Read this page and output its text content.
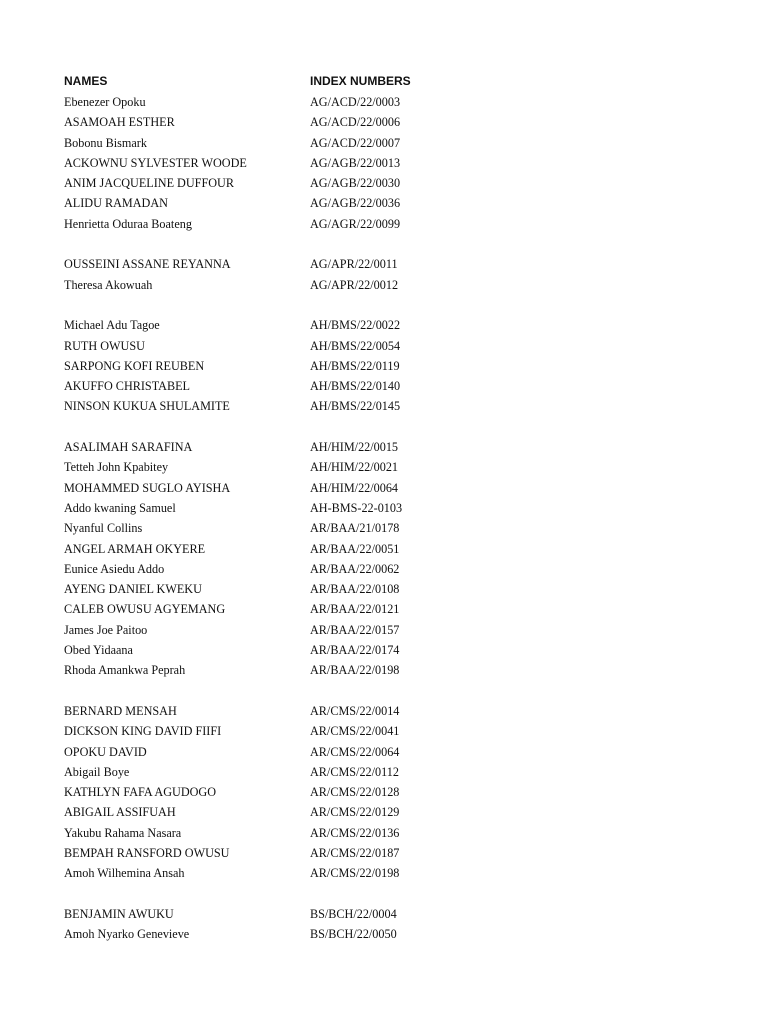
NAMES	INDEX NUMBERS
Ebenezer Opoku	AG/ACD/22/0003
ASAMOAH ESTHER	AG/ACD/22/0006
Bobonu Bismark	AG/ACD/22/0007
ACKOWNU SYLVESTER WOODE	AG/AGB/22/0013
ANIM JACQUELINE DUFFOUR	AG/AGB/22/0030
ALIDU RAMADAN	AG/AGB/22/0036
Henrietta Oduraa Boateng	AG/AGR/22/0099
OUSSEINI ASSANE REYANNA	AG/APR/22/0011
Theresa Akowuah	AG/APR/22/0012
Michael Adu Tagoe	AH/BMS/22/0022
RUTH OWUSU	AH/BMS/22/0054
SARPONG KOFI REUBEN	AH/BMS/22/0119
AKUFFO CHRISTABEL	AH/BMS/22/0140
NINSON KUKUA SHULAMITE	AH/BMS/22/0145
ASALIMAH SARAFINA	AH/HIM/22/0015
Tetteh John Kpabitey	AH/HIM/22/0021
MOHAMMED SUGLO AYISHA	AH/HIM/22/0064
Addo kwaning Samuel	AH-BMS-22-0103
Nyanful Collins	AR/BAA/21/0178
ANGEL ARMAH OKYERE	AR/BAA/22/0051
Eunice Asiedu Addo	AR/BAA/22/0062
AYENG DANIEL KWEKU	AR/BAA/22/0108
CALEB OWUSU AGYEMANG	AR/BAA/22/0121
James Joe Paitoo	AR/BAA/22/0157
Obed Yidaana	AR/BAA/22/0174
Rhoda Amankwa Peprah	AR/BAA/22/0198
BERNARD MENSAH	AR/CMS/22/0014
DICKSON KING DAVID FIIFI	AR/CMS/22/0041
OPOKU DAVID	AR/CMS/22/0064
Abigail Boye	AR/CMS/22/0112
KATHLYN FAFA AGUDOGO	AR/CMS/22/0128
ABIGAIL ASSIFUAH	AR/CMS/22/0129
Yakubu Rahama Nasara	AR/CMS/22/0136
BEMPAH RANSFORD OWUSU	AR/CMS/22/0187
Amoh Wilhemina Ansah	AR/CMS/22/0198
BENJAMIN AWUKU	BS/BCH/22/0004
Amoh Nyarko Genevieve	BS/BCH/22/0050
